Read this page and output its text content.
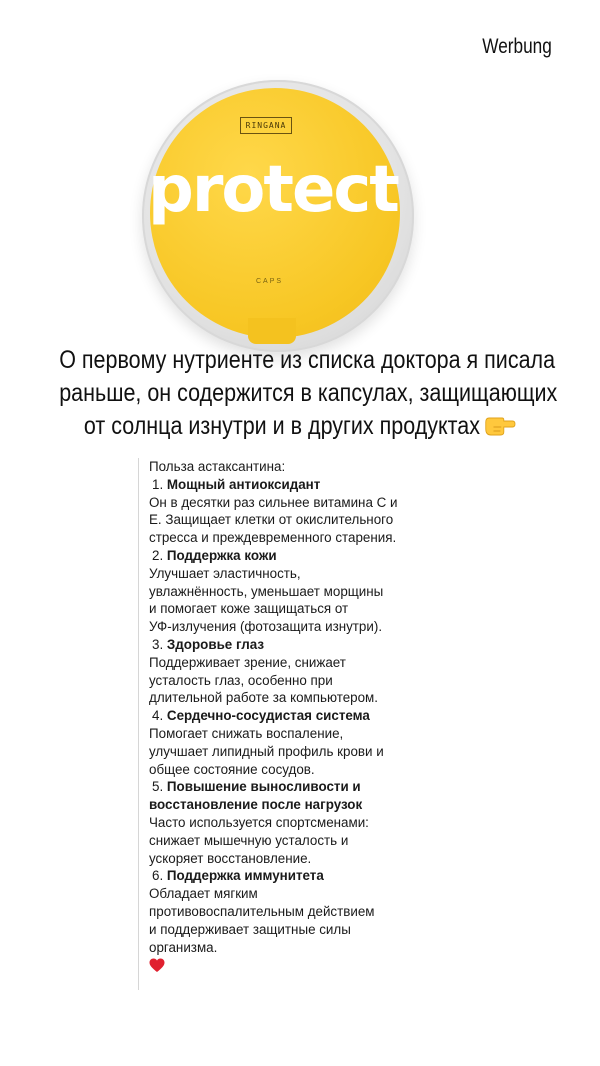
Werbung
RINGANA
protect
CAPS
О первому нутриенте из списка доктора я писала
раньше, он содержится в капсулах, защищающих
от солнца изнутри и в других продуктах
Польза астаксантина:
1. Мощный антиоксидант
Он в десятки раз сильнее витамина С и
Е. Защищает клетки от окислительного
стресса и преждевременного старения.
2. Поддержка кожи
Улучшает эластичность,
увлажнённость, уменьшает морщины
и помогает коже защищаться от
УФ-излучения (фотозащита изнутри).
3. Здоровье глаз
Поддерживает зрение, снижает
усталость глаз, особенно при
длительной работе за компьютером.
4. Сердечно-сосудистая система
Помогает снижать воспаление,
улучшает липидный профиль крови и
общее состояние сосудов.
5. Повышение выносливости и
восстановление после нагрузок
Часто используется спортсменами:
снижает мышечную усталость и
ускоряет восстановление.
6. Поддержка иммунитета
Обладает мягким
противовоспалительным действием
и поддерживает защитные силы
организма.
